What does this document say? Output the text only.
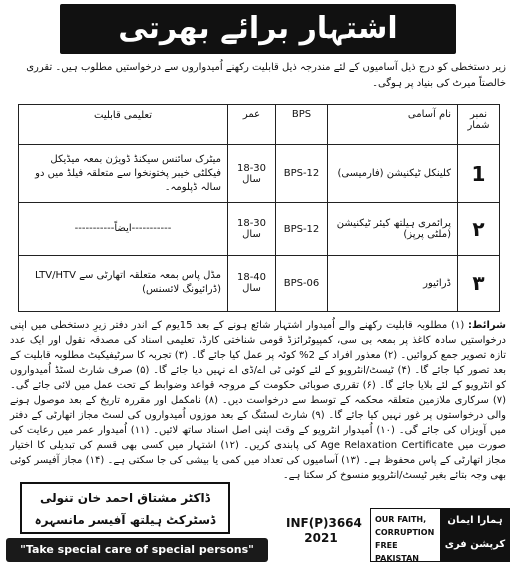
اشتہار برائے بھرتی
زیر دستخطی کو درج ذیل آسامیوں کے لئے مندرجہ ذیل قابلیت رکھنے اُمیدواروں سے درخواستیں مطلوب ہیں۔ تقرری خالصتاً میرٹ کی بنیاد پر ہوگی۔
نمبر شمار	نام آسامی	BPS	عمر	تعلیمی قابلیت
1	کلینکل ٹیکنیشن (فارمیسی)	BPS-12	18-30 سال	میٹرک سائنس سیکنڈ ڈویژن بمعہ میڈیکل فیکلٹی خیبر پختونخوا سے متعلقہ فیلڈ میں دو سالہ ڈپلومہ۔
۲	پرائمری ہیلتھ کیئر ٹیکنیشن (ملٹی پرپز)	BPS-12	18-30 سال	-----------ایضاً-----------
۳	ڈرائیور	BPS-06	18-40 سال	مڈل پاس بمعہ متعلقہ اتھارٹی سے LTV/HTV (ڈرائیونگ لائسنس)
شرائط: (۱) مطلوبہ قابلیت رکھنے والے اُمیدوار اشتہار شائع ہونے کے بعد 15یوم کے اندر دفتر زیرِ دستخطی میں اپنی درخواستیں سادہ کاغذ پر بمعہ بی سی، کمپیوٹرائزڈ قومی شناختی کارڈ، تعلیمی اسناد کی مصدقہ نقول اور ایک عدد تازہ تصویر جمع کروائیں۔ (۲) معذور افراد کے 2% کوٹہ پر عمل کیا جائے گا۔ (۳) تجربہ کا سرٹیفیکیٹ مطلوبہ قابلیت کے بعد تصور کیا جائے گا۔ (۴) ٹیسٹ/انٹرویو کے لئے کوئی ٹی اے/ڈی اے نہیں دیا جائے گا۔ (۵) صرف شارٹ لسٹڈ اُمیدواروں کو انٹرویو کے لئے بلایا جائے گا۔ (۶) تقرری صوبائی حکومت کے مروجہ قواعد وضوابط کے تحت عمل میں لائی جائے گی۔ (۷) سرکاری ملازمین متعلقہ محکمہ کے توسط سے درخواست دیں۔ (۸) نامکمل اور مقررہ تاریخ کے بعد موصول ہونے والی درخواستوں پر غور نہیں کیا جائے گا۔ (۹) شارٹ لسٹنگ کے بعد موزوں اُمیدواروں کی لسٹ مجاز اتھارٹی کے دفتر میں آویزاں کی جائے گی۔ (۱۰) اُمیدوار انٹرویو کے وقت اپنی اصل اسناد ساتھ لائیں۔ (۱۱) اُمیدوار عمر میں رعایت کی صورت میں Age Relaxation Certificate کی پابندی کریں۔ (۱۲) اشتہار میں کسی بھی قسم کی تبدیلی کا اختیار مجاز اتھارٹی کے پاس محفوظ ہے۔ (۱۳) آسامیوں کی تعداد میں کمی یا بیشی کی جا سکتی ہے۔ (۱۴) مجاز آفیسر کوئی بھی وجہ بتائے بغیر ٹیسٹ/انٹرویو منسوخ کر سکتا ہے۔
ڈاکٹر مشتاق احمد خان تنولی
ڈسٹرکٹ ہیلتھ آفیسر مانسہرہ
"Take special care of special persons"
INF(P)3664
2021
OUR FAITH,
CORRUPTION
FREE PAKISTAN
ہمارا ایمان
کرپشن فری پاکستان
